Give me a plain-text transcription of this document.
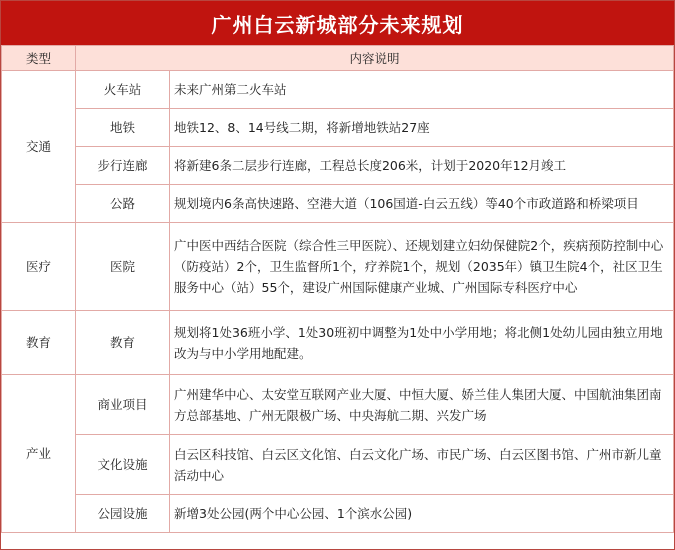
广州白云新城部分未来规划
类型	内容说明	
交通	火车站	未来广州第二火车站
	地铁	地铁12、8、14号线二期，将新增地铁站27座
	步行连廊	将新建6条二层步行连廊，工程总长度206米，计划于2020年12月竣工
	公路	规划境内6条高快速路、空港大道（106国道-白云五线）等40个市政道路和桥梁项目
医疗	医院	广中医中西结合医院（综合性三甲医院）、还规划建立妇幼保健院2个，疾病预防控制中心（防疫站）2个，卫生监督所1个，疗养院1个，规划（2035年）镇卫生院4个，社区卫生服务中心（站）55个，建设广州国际健康产业城、广州国际专科医疗中心
教育	教育	规划将1处36班小学、1处30班初中调整为1处中小学用地；将北侧1处幼儿园由独立用地改为与中小学用地配建。
产业	商业项目	广州建华中心、太安堂互联网产业大厦、中恒大厦、娇兰佳人集团大厦、中国航油集团南方总部基地、广州无限极广场、中央海航二期、兴发广场
	文化设施	白云区科技馆、白云区文化馆、白云文化广场、市民广场、白云区图书馆、广州市新儿童活动中心
	公园设施	新增3处公园(两个中心公园、1个滨水公园)
